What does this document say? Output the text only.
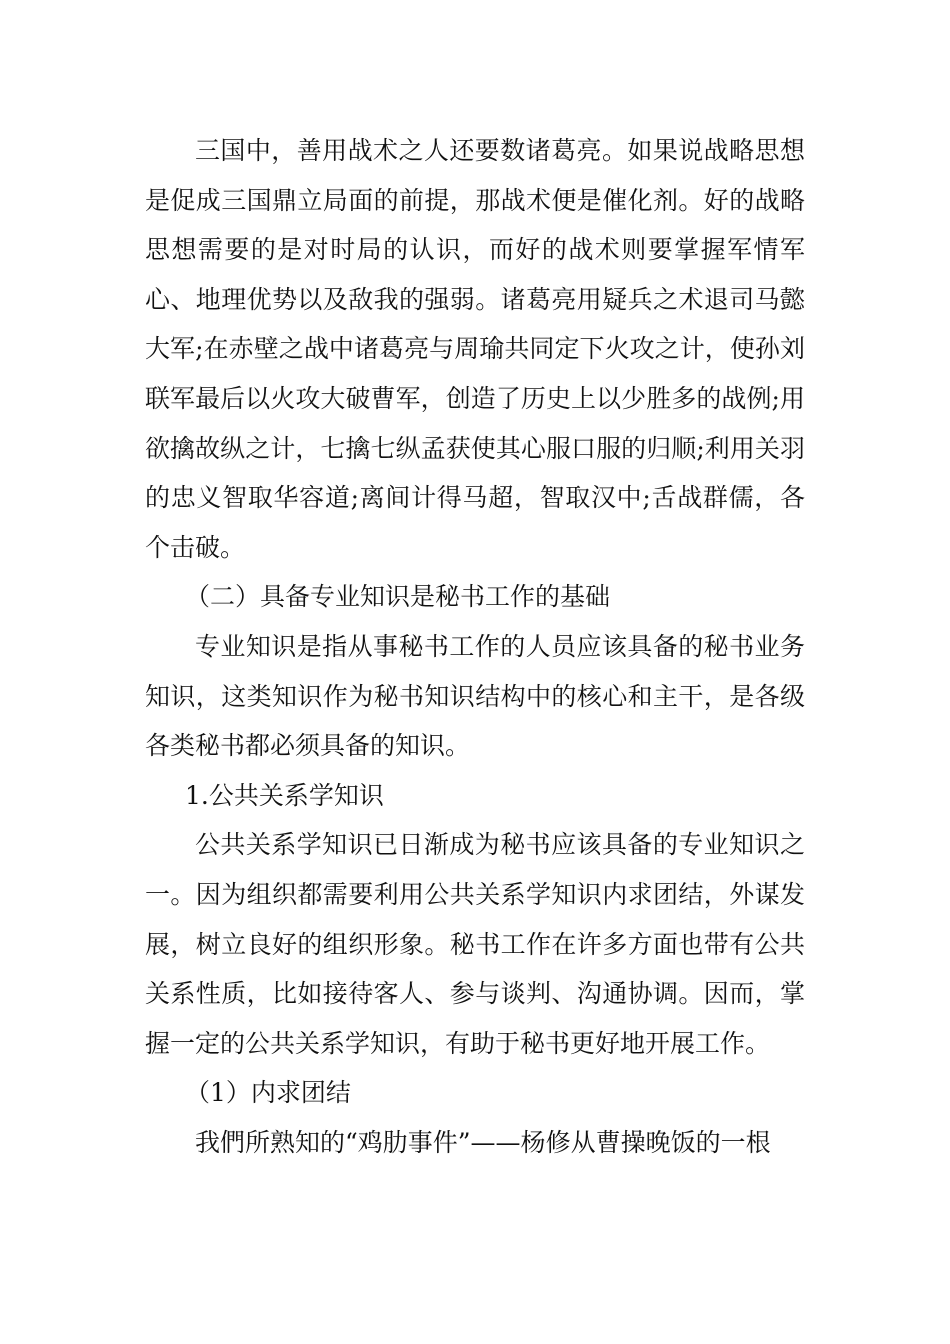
三国中，善用战术之人还要数诸葛亮。如果说战略思想是促成三国鼎立局面的前提，那战术便是催化剂。好的战略思想需要的是对时局的认识，而好的战术则要掌握军情军心、地理优势以及敌我的强弱。诸葛亮用疑兵之术退司马懿大军;在赤壁之战中诸葛亮与周瑜共同定下火攻之计，使孙刘联军最后以火攻大破曹军，创造了历史上以少胜多的战例;用欲擒故纵之计，七擒七纵孟获使其心服口服的归顺;利用关羽的忠义智取华容道;离间计得马超，智取汉中;舌战群儒，各个击破。

（二）具备专业知识是秘书工作的基础

专业知识是指从事秘书工作的人员应该具备的秘书业务知识，这类知识作为秘书知识结构中的核心和主干，是各级各类秘书都必须具备的知识。

1.公共关系学知识

公共关系学知识已日渐成为秘书应该具备的专业知识之一。因为组织都需要利用公共关系学知识内求团结，外谋发展，树立良好的组织形象。秘书工作在许多方面也带有公共关系性质，比如接待客人、参与谈判、沟通协调。因而，掌握一定的公共关系学知识，有助于秘书更好地开展工作。

（1）内求团结

我們所熟知的“鸡肋事件”——杨修从曹操晚饭的一根
